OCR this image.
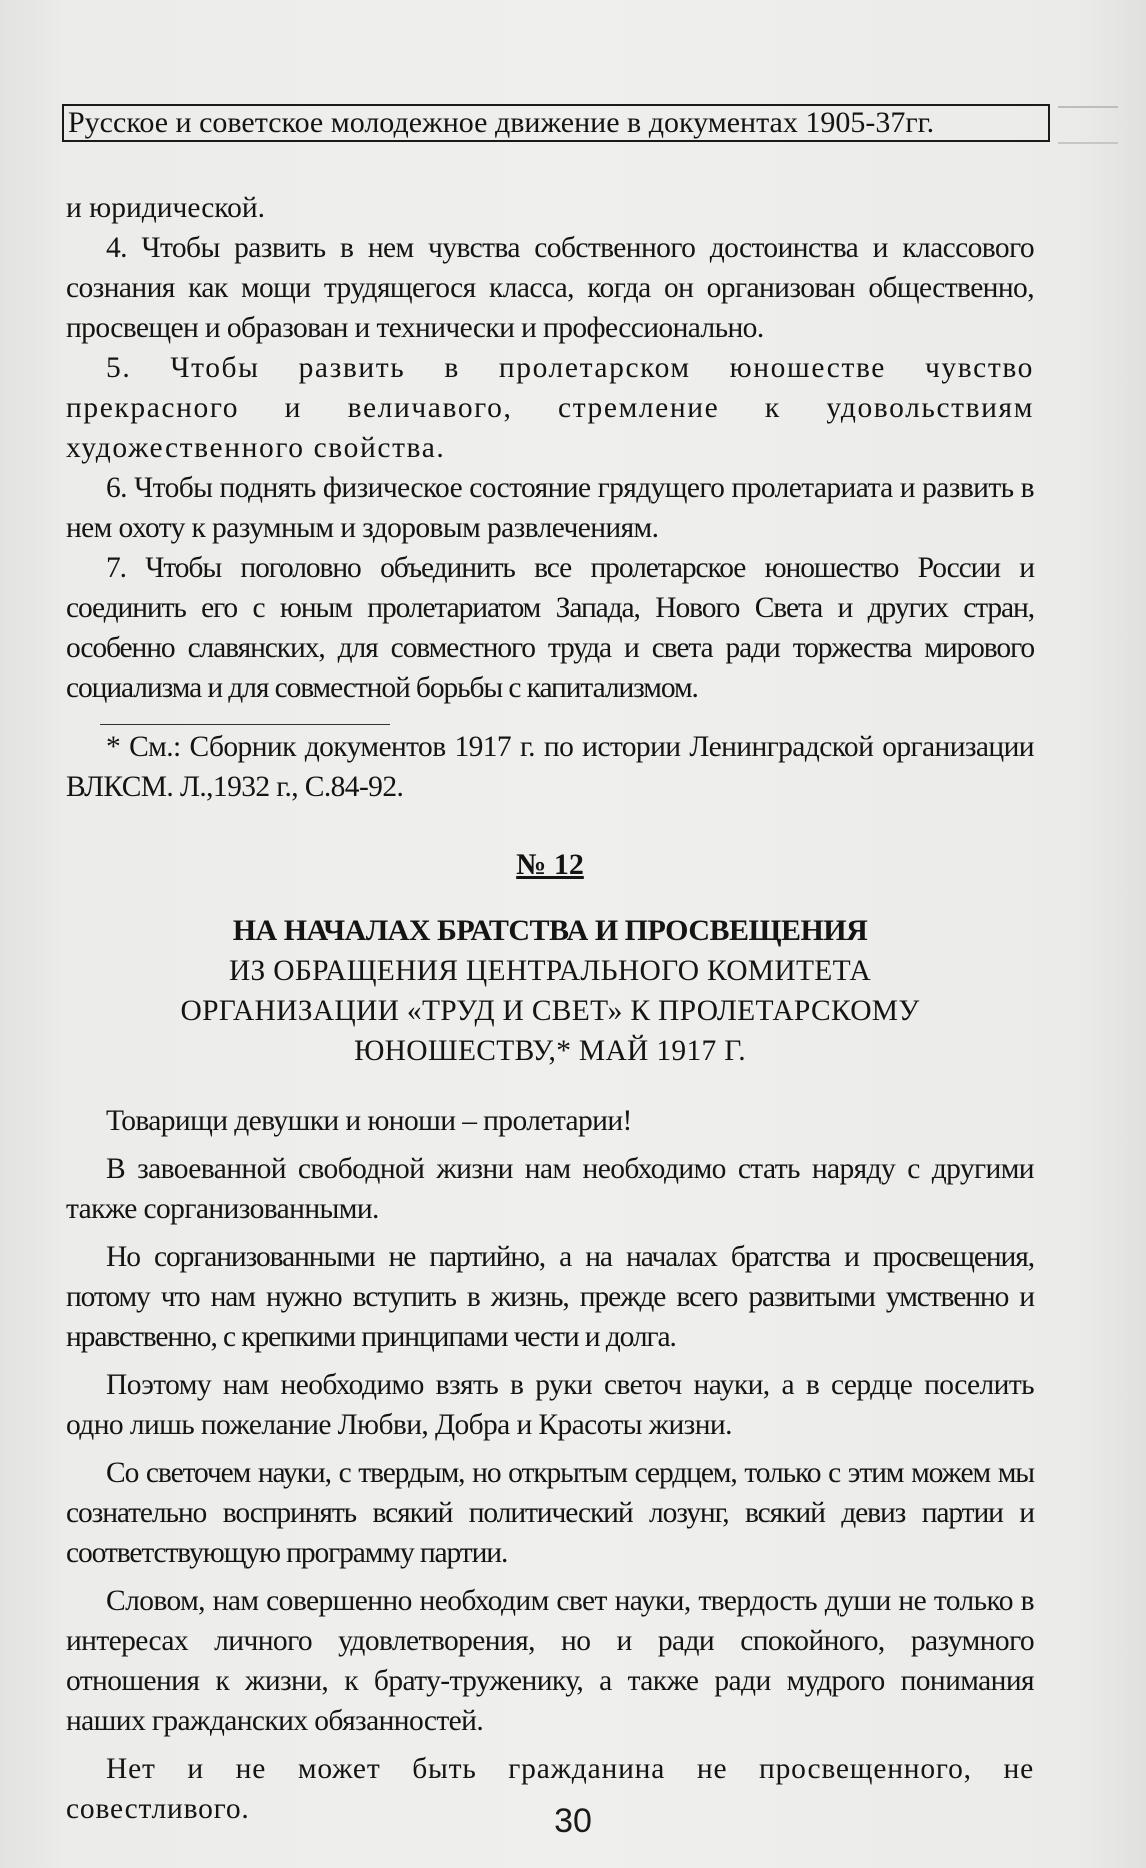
Русское и советское молодежное движение в документах 1905-37гг.

и юридической.

4. Чтобы развить в нем чувства собственного достоинства и классового сознания как мощи трудящегося класса, когда он организован общественно, просвещен и образован и технически и профессионально.

5. Чтобы развить в пролетарском юношестве чувство прекрасного и величавого, стремление к удовольствиям художественного свойства.

6. Чтобы поднять физическое состояние грядущего пролетариата и развить в нем охоту к разумным и здоровым развлечениям.

7. Чтобы поголовно объединить все пролетарское юношество России и соединить его с юным пролетариатом Запада, Нового Света и других стран, особенно славянских, для совместного труда и света ради торжества мирового социализма и для совместной борьбы с капитализмом.

* См.: Сборник документов 1917 г. по истории Ленинградской организации ВЛКСМ. Л.,1932 г., С.84-92.

№ 12
НА НАЧАЛАХ БРАТСТВА И ПРОСВЕЩЕНИЯ
ИЗ ОБРАЩЕНИЯ ЦЕНТРАЛЬНОГО КОМИТЕТА
ОРГАНИЗАЦИИ «ТРУД И СВЕТ» К ПРОЛЕТАРСКОМУ
ЮНОШЕСТВУ,* МАЙ 1917 Г.

Товарищи девушки и юноши – пролетарии!

В завоеванной свободной жизни нам необходимо стать наряду с другими также сорганизованными.

Но сорганизованными не партийно, а на началах братства и просвещения, потому что нам нужно вступить в жизнь, прежде всего развитыми умственно и нравственно, с крепкими принципами чести и долга.

Поэтому нам необходимо взять в руки светоч науки, а в сердце поселить одно лишь пожелание Любви, Добра и Красоты жизни.

Со светочем науки, с твердым, но открытым сердцем, только с этим можем мы сознательно воспринять всякий политический лозунг, всякий девиз партии и соответствующую программу партии.

Словом, нам совершенно необходим свет науки, твердость души не только в интересах личного удовлетворения, но и ради спокойного, разумного отношения к жизни, к брату-труженику, а также ради мудрого понимания наших гражданских обязанностей.

Нет и не может быть гражданина не просвещенного, не совестливого.	30
